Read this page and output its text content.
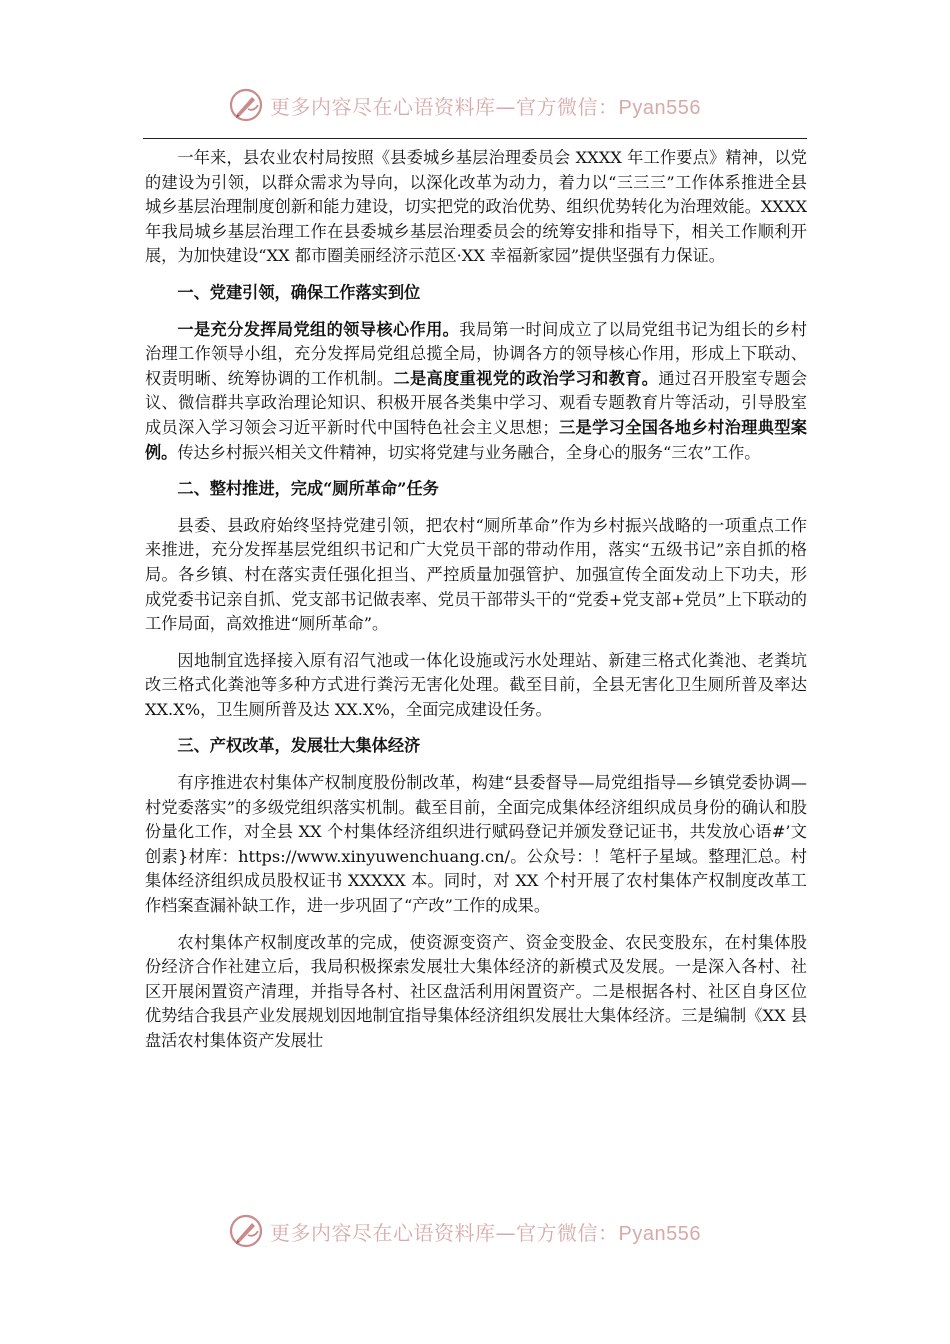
更多内容尽在心语资料库—官方微信：Pyan556

一年来，县农业农村局按照《县委城乡基层治理委员会 XXXX 年工作要点》精神，以党的建设为引领，以群众需求为导向，以深化改革为动力，着力以“三三三”工作体系推进全县城乡基层治理制度创新和能力建设，切实把党的政治优势、组织优势转化为治理效能。XXXX 年我局城乡基层治理工作在县委城乡基层治理委员会的统筹安排和指导下，相关工作顺利开展，为加快建设“XX 都市圈美丽经济示范区·XX 幸福新家园”提供坚强有力保证。

一、党建引领，确保工作落实到位

一是充分发挥局党组的领导核心作用。我局第一时间成立了以局党组书记为组长的乡村治理工作领导小组，充分发挥局党组总揽全局，协调各方的领导核心作用，形成上下联动、权责明晰、统筹协调的工作机制。二是高度重视党的政治学习和教育。通过召开股室专题会议、微信群共享政治理论知识、积极开展各类集中学习、观看专题教育片等活动，引导股室成员深入学习领会习近平新时代中国特色社会主义思想；三是学习全国各地乡村治理典型案例。传达乡村振兴相关文件精神，切实将党建与业务融合，全身心的服务“三农”工作。

二、整村推进，完成“厕所革命”任务

县委、县政府始终坚持党建引领，把农村“厕所革命”作为乡村振兴战略的一项重点工作来推进，充分发挥基层党组织书记和广大党员干部的带动作用，落实“五级书记”亲自抓的格局。各乡镇、村在落实责任强化担当、严控质量加强管护、加强宣传全面发动上下功夫，形成党委书记亲自抓、党支部书记做表率、党员干部带头干的“党委+党支部+党员”上下联动的工作局面，高效推进“厕所革命”。

因地制宜选择接入原有沼气池或一体化设施或污水处理站、新建三格式化粪池、老粪坑改三格式化粪池等多种方式进行粪污无害化处理。截至目前，全县无害化卫生厕所普及率达 XX.X%，卫生厕所普及达 XX.X%，全面完成建设任务。

三、产权改革，发展壮大集体经济

有序推进农村集体产权制度股份制改革，构建“县委督导—局党组指导—乡镇党委协调—村党委落实”的多级党组织落实机制。截至目前，全面完成集体经济组织成员身份的确认和股份量化工作，对全县 XX 个村集体经济组织进行赋码登记并颁发登记证书，共发放心语#’文创素}材库：https://www.xinyuwenchuang.cn/。公众号：！笔杆子星域。整理汇总。村集体经济组织成员股权证书 XXXXX 本。同时，对 XX 个村开展了农村集体产权制度改革工作档案查漏补缺工作，进一步巩固了“产改”工作的成果。

农村集体产权制度改革的完成，使资源变资产、资金变股金、农民变股东，在村集体股份经济合作社建立后，我局积极探索发展壮大集体经济的新模式及发展。一是深入各村、社区开展闲置资产清理，并指导各村、社区盘活利用闲置资产。二是根据各村、社区自身区位优势结合我县产业发展规划因地制宜指导集体经济组织发展壮大集体经济。三是编制《XX 县盘活农村集体资产发展壮

更多内容尽在心语资料库—官方微信：Pyan556
